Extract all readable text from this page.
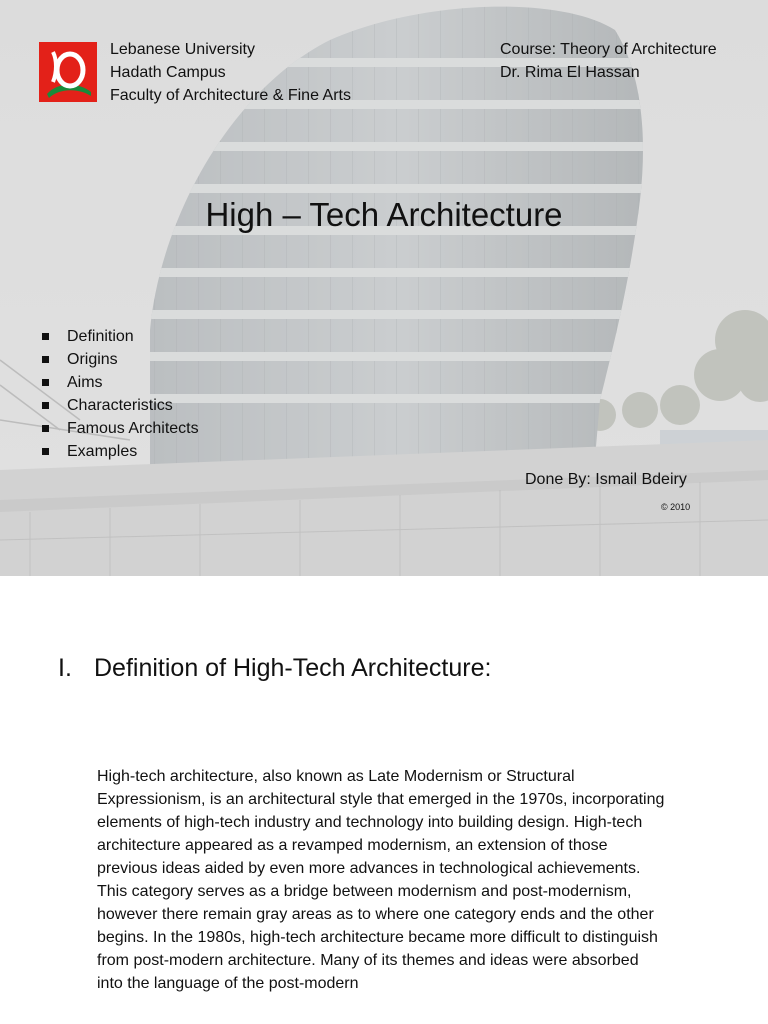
Lebanese University
Hadath Campus
Faculty of Architecture & Fine Arts
Course: Theory of Architecture
Dr. Rima El Hassan
High – Tech Architecture
Definition
Origins
Aims
Characteristics
Famous Architects
Examples
Done By: Ismail Bdeiry
© 2010
I. Definition of High-Tech Architecture:
High-tech architecture, also known as Late Modernism or Structural Expressionism, is an architectural style that emerged in the 1970s, incorporating elements of high-tech industry and technology into building design. High-tech architecture appeared as a revamped modernism, an extension of those previous ideas aided by even more advances in technological achievements. This category serves as a bridge between modernism and post-modernism, however there remain gray areas as to where one category ends and the other begins. In the 1980s, high-tech architecture became more difficult to distinguish from post-modern architecture. Many of its themes and ideas were absorbed into the language of the post-modern
